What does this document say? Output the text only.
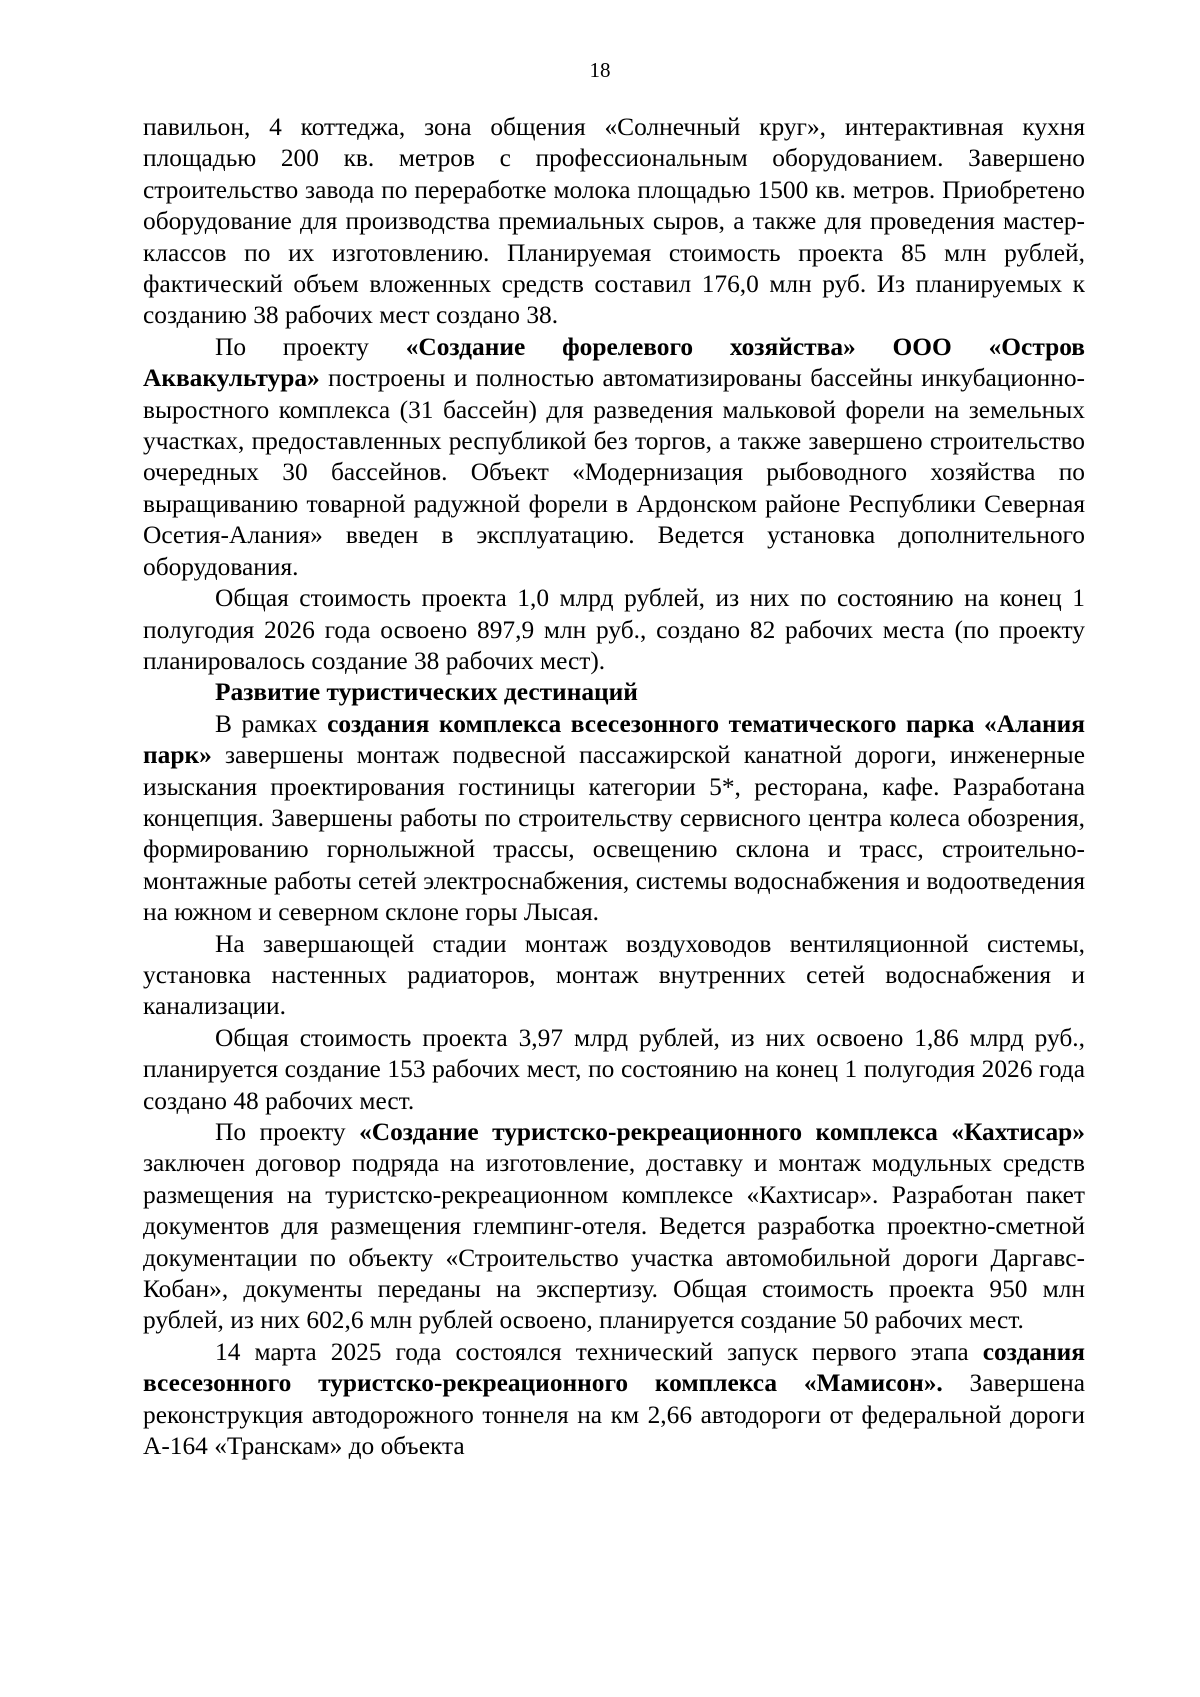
18

павильон, 4 коттеджа, зона общения «Солнечный круг», интерактивная кухня площадью 200 кв. метров с профессиональным оборудованием. Завершено строительство завода по переработке молока площадью 1500 кв. метров. Приобретено оборудование для производства премиальных сыров, а также для проведения мастер-классов по их изготовлению. Планируемая стоимость проекта 85 млн рублей, фактический объем вложенных средств составил 176,0 млн руб. Из планируемых к созданию 38 рабочих мест создано 38.

По проекту «Создание форелевого хозяйства» ООО «Остров Аквакультура» построены и полностью автоматизированы бассейны инкубационно-выростного комплекса (31 бассейн) для разведения мальковой форели на земельных участках, предоставленных республикой без торгов, а также завершено строительство очередных 30 бассейнов. Объект «Модернизация рыбоводного хозяйства по выращиванию товарной радужной форели в Ардонском районе Республики Северная Осетия-Алания» введен в эксплуатацию. Ведется установка дополнительного оборудования.

Общая стоимость проекта 1,0 млрд рублей, из них по состоянию на конец 1 полугодия 2026 года освоено 897,9 млн руб., создано 82 рабочих места (по проекту планировалось создание 38 рабочих мест).

Развитие туристических дестинаций

В рамках создания комплекса всесезонного тематического парка «Алания парк» завершены монтаж подвесной пассажирской канатной дороги, инженерные изыскания проектирования гостиницы категории 5*, ресторана, кафе. Разработана концепция. Завершены работы по строительству сервисного центра колеса обозрения, формированию горнолыжной трассы, освещению склона и трасс, строительно-монтажные работы сетей электроснабжения, системы водоснабжения и водоотведения на южном и северном склоне горы Лысая.

На завершающей стадии монтаж воздуховодов вентиляционной системы, установка настенных радиаторов, монтаж внутренних сетей водоснабжения и канализации.

Общая стоимость проекта 3,97 млрд рублей, из них освоено 1,86 млрд руб., планируется создание 153 рабочих мест, по состоянию на конец 1 полугодия 2026 года создано 48 рабочих мест.

По проекту «Создание туристско-рекреационного комплекса «Кахтисар» заключен договор подряда на изготовление, доставку и монтаж модульных средств размещения на туристско-рекреационном комплексе «Кахтисар». Разработан пакет документов для размещения глемпинг-отеля. Ведется разработка проектно-сметной документации по объекту «Строительство участка автомобильной дороги Даргавс-Кобан», документы переданы на экспертизу. Общая стоимость проекта 950 млн рублей, из них 602,6 млн рублей освоено, планируется создание 50 рабочих мест.

14 марта 2025 года состоялся технический запуск первого этапа создания всесезонного туристско-рекреационного комплекса «Мамисон». Завершена реконструкция автодорожного тоннеля на км 2,66 автодороги от федеральной дороги А-164 «Транскам» до объекта
